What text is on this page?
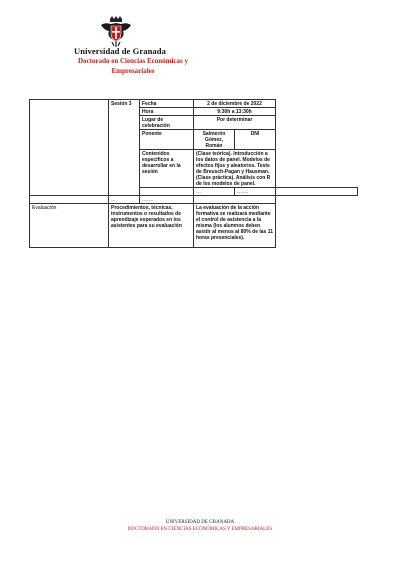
Universidad de Granada
Doctorado en Ciencias Económicas y
Empresariales
	Sesión 3	Fecha	2 de diciembre de 2022		
		Hora	9:30h a 13:30h		
		Lugar de celebración	Por determinar		
		Ponente	Salmerón Gómez, Román	DNI	
		Contenidos específicos a desarrollar en la sesión	(Clase teórica). Introducción a los datos de panel. Modelos de efectos fijos y aleatorios. Tests de Breusch-Pagan y Hausman. (Clase práctica). Análisis con R de los modelos de panel.		
			…	…….	
	…	…….			
Evaluación	Procedimientos, técnicas, instrumentos o resultados de aprendizaje esperados en los asistentes para su evaluación		La evaluación de la acción formativa se realizará mediante el control de asistencia a la misma (los alumnos deben asistir al menos al 80% de las 11 horas presenciales).		
UNIVERSIDAD DE GRANADA
DOCTORADO EN CIENCIAS ECONÓMICAS Y EMPRESARIALES
